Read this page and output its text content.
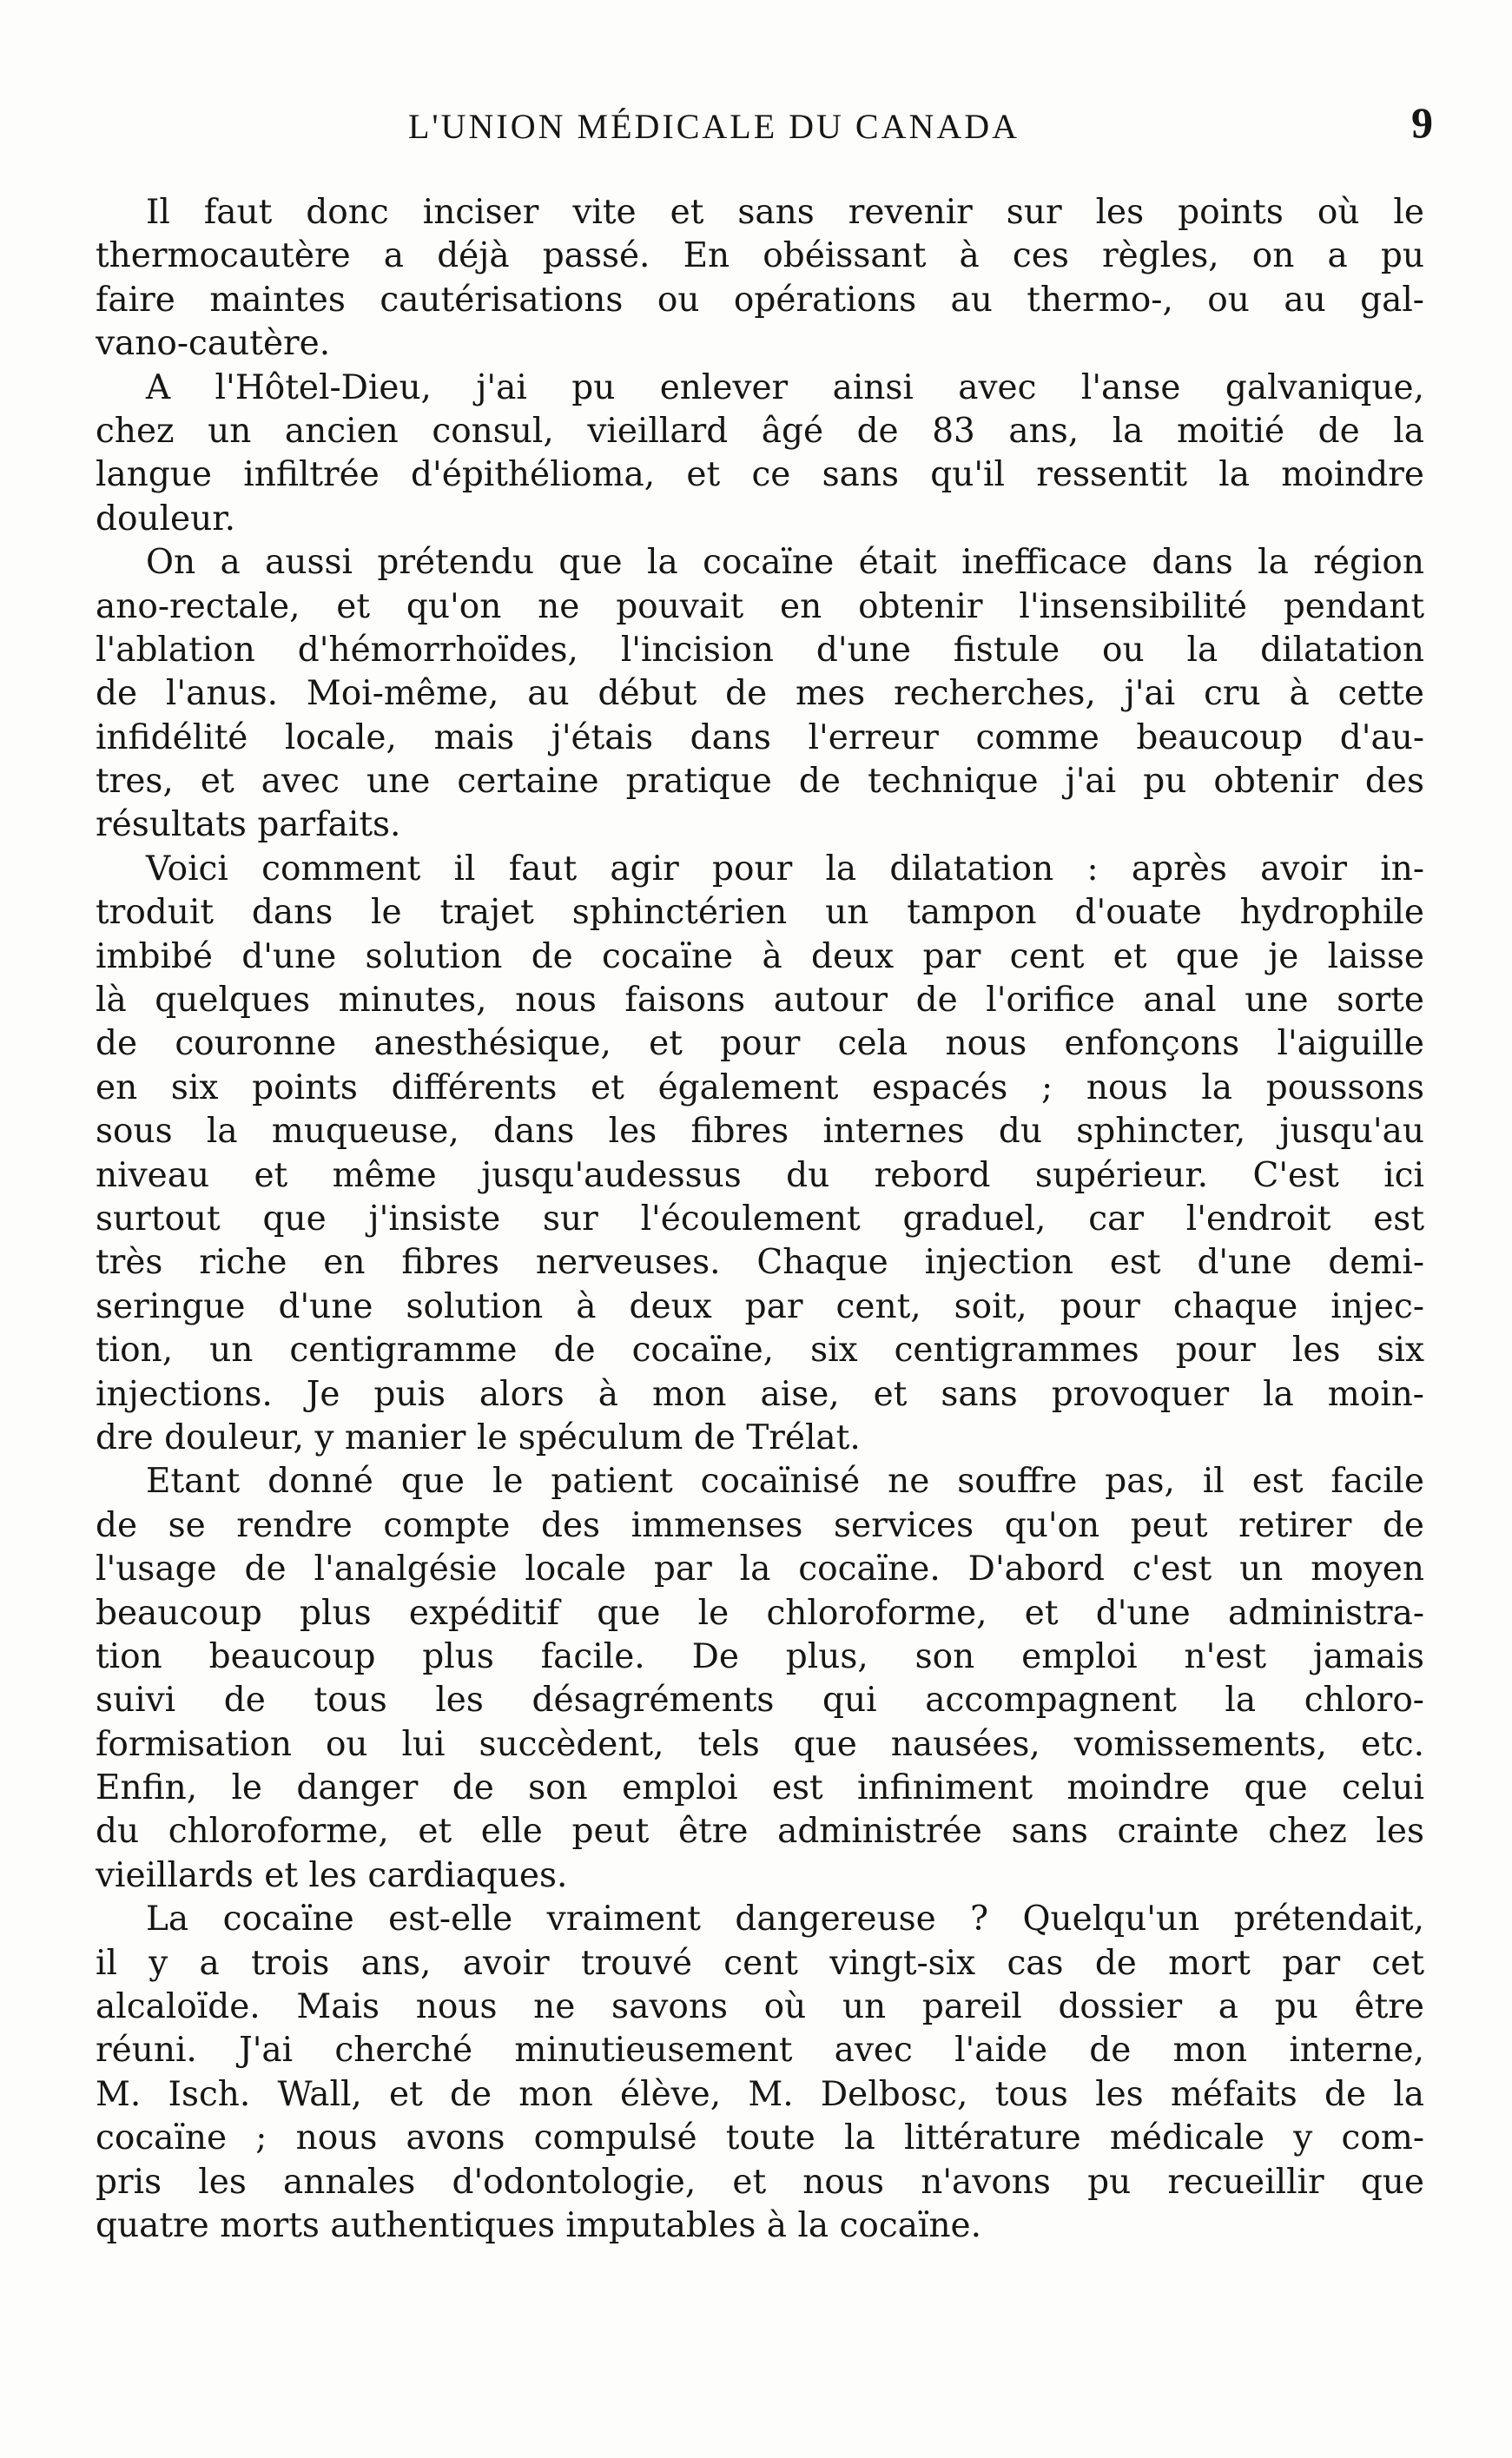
L'UNION MÉDICALE DU CANADA	9
Il faut donc inciser vite et sans revenir sur les points où le
thermocautère a déjà passé. En obéissant à ces règles, on a pu
faire maintes cautérisations ou opérations au thermo-, ou au gal-
vano-cautère.
A l'Hôtel-Dieu, j'ai pu enlever ainsi avec l'anse galvanique,
chez un ancien consul, vieillard âgé de 83 ans, la moitié de la
langue infiltrée d'épithélioma, et ce sans qu'il ressentit la moindre
douleur.
On a aussi prétendu que la cocaïne était inefficace dans la région
ano-rectale, et qu'on ne pouvait en obtenir l'insensibilité pendant
l'ablation d'hémorrhoïdes, l'incision d'une fistule ou la dilatation
de l'anus. Moi-même, au début de mes recherches, j'ai cru à cette
infidélité locale, mais j'étais dans l'erreur comme beaucoup d'au-
tres, et avec une certaine pratique de technique j'ai pu obtenir des
résultats parfaits.
Voici comment il faut agir pour la dilatation : après avoir in-
troduit dans le trajet sphinctérien un tampon d'ouate hydrophile
imbibé d'une solution de cocaïne à deux par cent et que je laisse
là quelques minutes, nous faisons autour de l'orifice anal une sorte
de couronne anesthésique, et pour cela nous enfonçons l'aiguille
en six points différents et également espacés ; nous la poussons
sous la muqueuse, dans les fibres internes du sphincter, jusqu'au
niveau et même jusqu'audessus du rebord supérieur. C'est ici
surtout que j'insiste sur l'écoulement graduel, car l'endroit est
très riche en fibres nerveuses. Chaque injection est d'une demi-
seringue d'une solution à deux par cent, soit, pour chaque injec-
tion, un centigramme de cocaïne, six centigrammes pour les six
injections. Je puis alors à mon aise, et sans provoquer la moin-
dre douleur, y manier le spéculum de Trélat.
Etant donné que le patient cocaïnisé ne souffre pas, il est facile
de se rendre compte des immenses services qu'on peut retirer de
l'usage de l'analgésie locale par la cocaïne. D'abord c'est un moyen
beaucoup plus expéditif que le chloroforme, et d'une administra-
tion beaucoup plus facile. De plus, son emploi n'est jamais
suivi de tous les désagréments qui accompagnent la chloro-
formisation ou lui succèdent, tels que nausées, vomissements, etc.
Enfin, le danger de son emploi est infiniment moindre que celui
du chloroforme, et elle peut être administrée sans crainte chez les
vieillards et les cardiaques.
La cocaïne est-elle vraiment dangereuse ? Quelqu'un prétendait,
il y a trois ans, avoir trouvé cent vingt-six cas de mort par cet
alcaloïde. Mais nous ne savons où un pareil dossier a pu être
réuni. J'ai cherché minutieusement avec l'aide de mon interne,
M. Isch. Wall, et de mon élève, M. Delbosc, tous les méfaits de la
cocaïne ; nous avons compulsé toute la littérature médicale y com-
pris les annales d'odontologie, et nous n'avons pu recueillir que
quatre morts authentiques imputables à la cocaïne.
